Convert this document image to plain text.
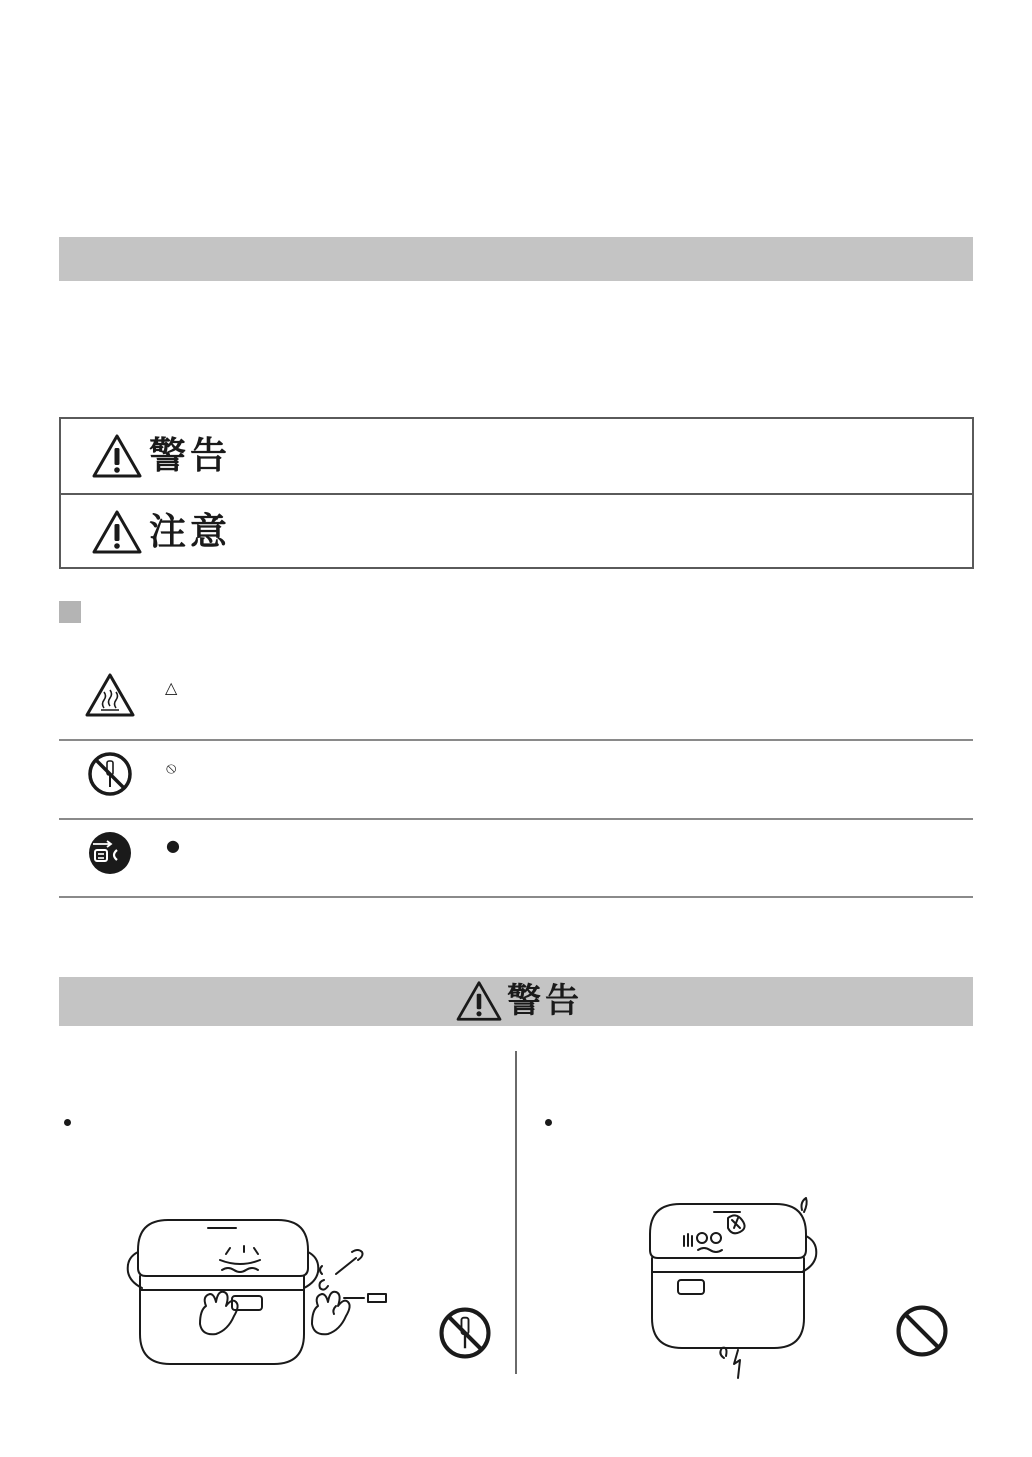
警告
注意
△
⦸
●
警告
